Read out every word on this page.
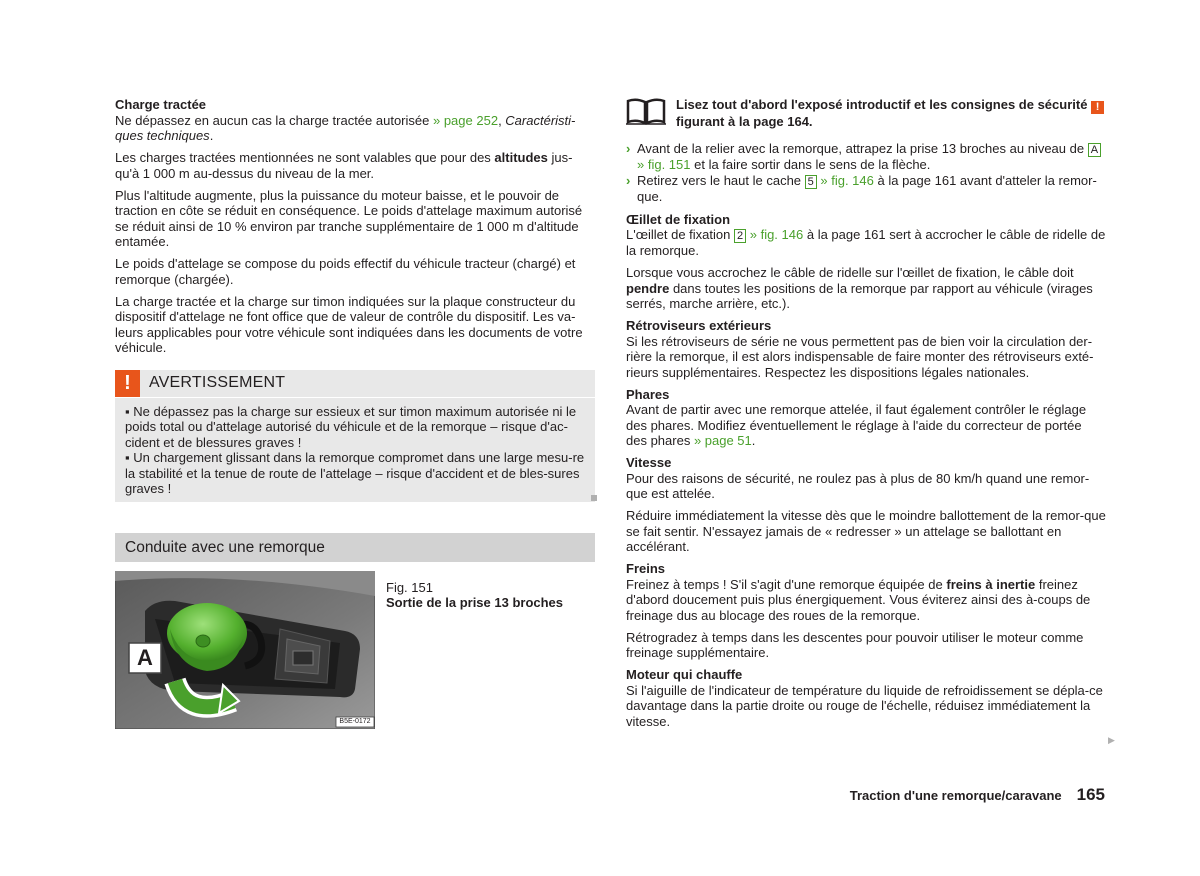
Charge tractée
Ne dépassez en aucun cas la charge tractée autorisée » page 252, Caractéristi-ques techniques.

Les charges tractées mentionnées ne sont valables que pour des altitudes jus-qu'à 1 000 m au-dessus du niveau de la mer.

Plus l'altitude augmente, plus la puissance du moteur baisse, et le pouvoir de traction en côte se réduit en conséquence. Le poids d'attelage maximum autorisé se réduit ainsi de 10 % environ par tranche supplémentaire de 1 000 m d'altitude entamée.

Le poids d'attelage se compose du poids effectif du véhicule tracteur (chargé) et remorque (chargée).

La charge tractée et la charge sur timon indiquées sur la plaque constructeur du dispositif d'attelage ne font office que de valeur de contrôle du dispositif. Les va-leurs applicables pour votre véhicule sont indiquées dans les documents de votre véhicule.

!	AVERTISSEMENT
▪ Ne dépassez pas la charge sur essieux et sur timon maximum autorisée ni le poids total ou d'attelage autorisé du véhicule et de la remorque – risque d'ac-cident et de blessures graves !
▪ Un chargement glissant dans la remorque compromet dans une large mesu-re la stabilité et la tenue de route de l'attelage – risque d'accident et de bles-sures graves !
Conduite avec une remorque
A
B5E-0172
Fig. 151
Sortie de la prise 13 broches
Lisez tout d'abord l'exposé introductif et les consignes de sécurité !
figurant à la page 164.
› Avant de la relier avec la remorque, attrapez la prise 13 broches au niveau de A » fig. 151 et la faire sortir dans le sens de la flèche.
› Retirez vers le haut le cache 5 » fig. 146 à la page 161 avant d'atteler la remor-que.

Œillet de fixation
L'œillet de fixation 2 » fig. 146 à la page 161 sert à accrocher le câble de ridelle de la remorque.

Lorsque vous accrochez le câble de ridelle sur l'œillet de fixation, le câble doit pendre dans toutes les positions de la remorque par rapport au véhicule (virages serrés, marche arrière, etc.).

Rétroviseurs extérieurs
Si les rétroviseurs de série ne vous permettent pas de bien voir la circulation der-rière la remorque, il est alors indispensable de faire monter des rétroviseurs exté-rieurs supplémentaires. Respectez les dispositions légales nationales.

Phares
Avant de partir avec une remorque attelée, il faut également contrôler le réglage des phares. Modifiez éventuellement le réglage à l'aide du correcteur de portée des phares » page 51.

Vitesse
Pour des raisons de sécurité, ne roulez pas à plus de 80 km/h quand une remor-que est attelée.

Réduire immédiatement la vitesse dès que le moindre ballottement de la remor-que se fait sentir. N'essayez jamais de « redresser » un attelage se ballottant en accélérant.

Freins
Freinez à temps ! S'il s'agit d'une remorque équipée de freins à inertie freinez d'abord doucement puis plus énergiquement. Vous éviterez ainsi des à-coups de freinage dus au blocage des roues de la remorque.

Rétrogradez à temps dans les descentes pour pouvoir utiliser le moteur comme freinage supplémentaire.

Moteur qui chauffe
Si l'aiguille de l'indicateur de température du liquide de refroidissement se dépla-ce davantage dans la partie droite ou rouge de l'échelle, réduisez immédiatement la vitesse.

▶
Traction d'une remorque/caravane 165
